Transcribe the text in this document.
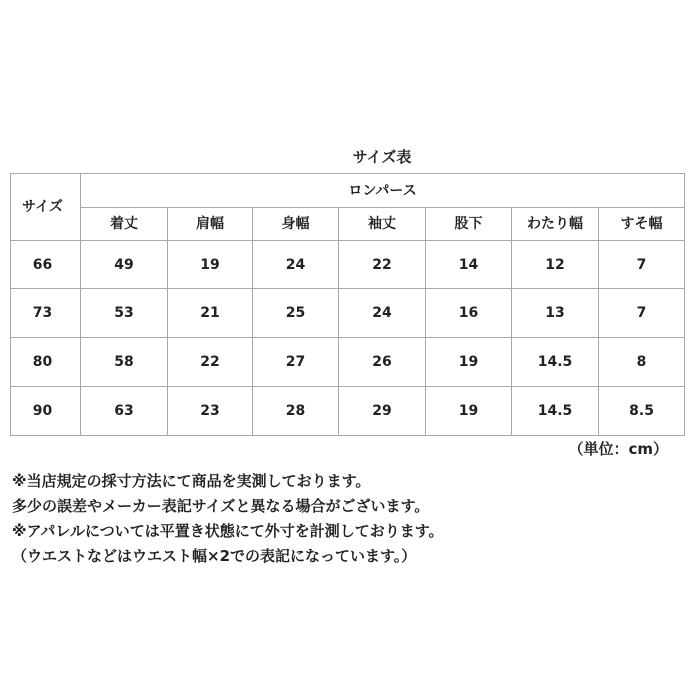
サイズ表
サイズ	ロンパース						
	着丈	肩幅	身幅	袖丈	股下	わたり幅	すそ幅
66	49	19	24	22	14	12	7
73	53	21	25	24	16	13	7
80	58	22	27	26	19	14.5	8
90	63	23	28	29	19	14.5	8.5
（単位：cm）
※当店規定の採寸方法にて商品を実測しております。
多少の誤差やメーカー表記サイズと異なる場合がございます。
※アパレルについては平置き状態にて外寸を計測しております。
（ウエストなどはウエスト幅×2での表記になっています。）
